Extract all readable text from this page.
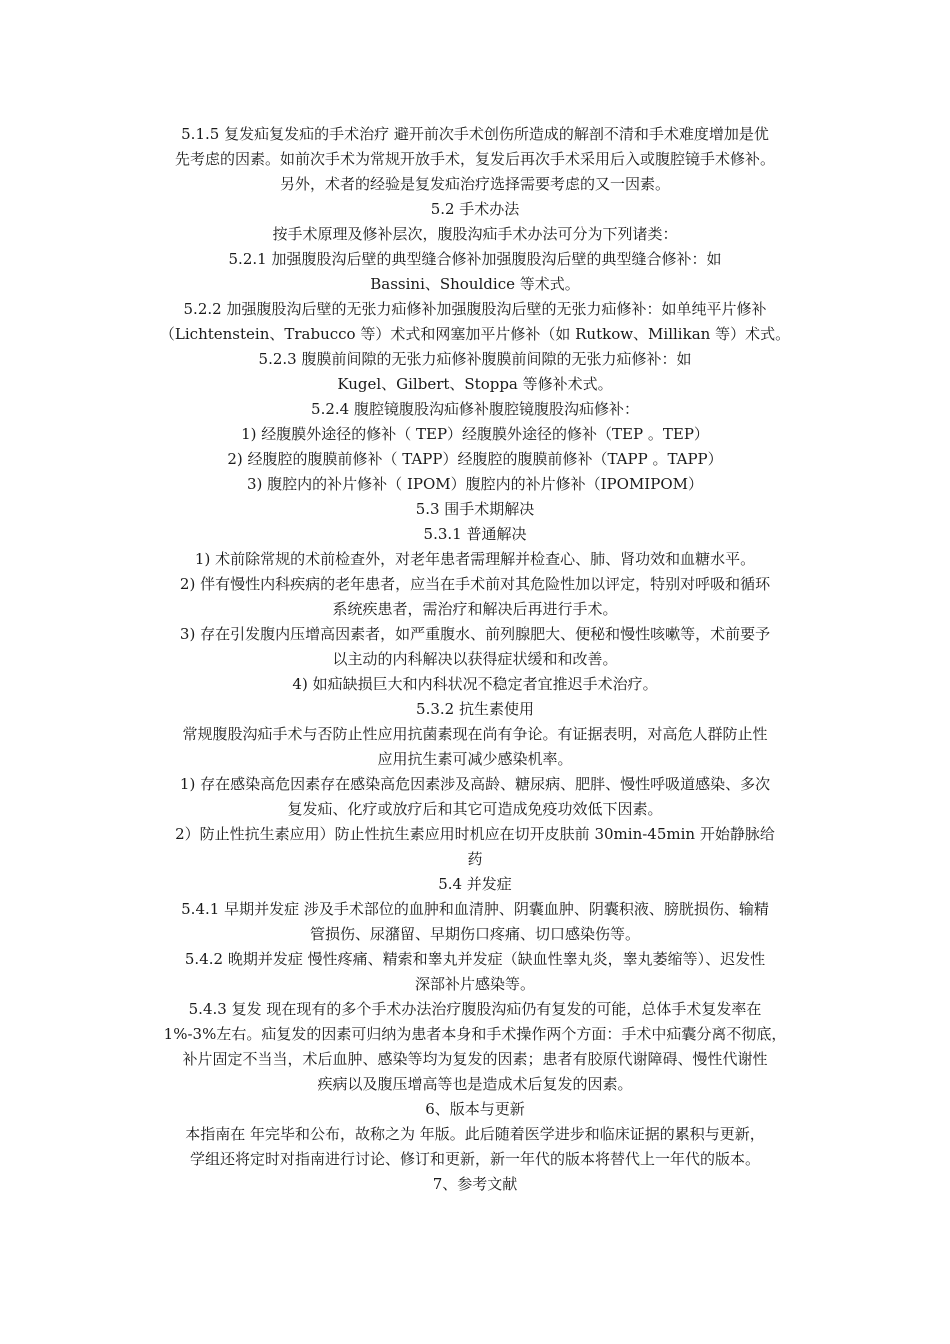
5.1.5 复发疝复发疝的手术治疗 避开前次手术创伤所造成的解剖不清和手术难度增加是优
先考虑的因素。如前次手术为常规开放手术，复发后再次手术采用后入或腹腔镜手术修补。
另外，术者的经验是复发疝治疗选择需要考虑的又一因素。
5.2 手术办法
按手术原理及修补层次，腹股沟疝手术办法可分为下列诸类：
5.2.1 加强腹股沟后壁的典型缝合修补加强腹股沟后壁的典型缝合修补：如
Bassini、Shouldice 等术式。
5.2.2 加强腹股沟后壁的无张力疝修补加强腹股沟后壁的无张力疝修补：如单纯平片修补
（Lichtenstein、Trabucco 等）术式和网塞加平片修补（如 Rutkow、Millikan 等）术式。
5.2.3 腹膜前间隙的无张力疝修补腹膜前间隙的无张力疝修补：如
Kugel、Gilbert、Stoppa 等修补术式。
5.2.4 腹腔镜腹股沟疝修补腹腔镜腹股沟疝修补：
1) 经腹膜外途径的修补（ TEP）经腹膜外途径的修补（TEP 。TEP）
2) 经腹腔的腹膜前修补（ TAPP）经腹腔的腹膜前修补（TAPP 。TAPP）
3) 腹腔内的补片修补（ IPOM）腹腔内的补片修补（IPOMIPOM）
5.3 围手术期解决
5.3.1 普通解决
1) 术前除常规的术前检查外，对老年患者需理解并检查心、肺、肾功效和血糖水平。
2) 伴有慢性内科疾病的老年患者，应当在手术前对其危险性加以评定，特别对呼吸和循环
系统疾患者，需治疗和解决后再进行手术。
3) 存在引发腹内压增高因素者，如严重腹水、前列腺肥大、便秘和慢性咳嗽等，术前要予
以主动的内科解决以获得症状缓和和改善。
4) 如疝缺损巨大和内科状况不稳定者宜推迟手术治疗。
5.3.2 抗生素使用
常规腹股沟疝手术与否防止性应用抗菌素现在尚有争论。有证据表明，对高危人群防止性
应用抗生素可减少感染机率。
1) 存在感染高危因素存在感染高危因素涉及高龄、糖尿病、肥胖、慢性呼吸道感染、多次
复发疝、化疗或放疗后和其它可造成免疫功效低下因素。
2）防止性抗生素应用）防止性抗生素应用时机应在切开皮肤前 30min-45min 开始静脉给
药
5.4 并发症
5.4.1 早期并发症 涉及手术部位的血肿和血清肿、阴囊血肿、阴囊积液、膀胱损伤、输精
管损伤、尿潴留、早期伤口疼痛、切口感染伤等。
5.4.2 晚期并发症 慢性疼痛、精索和睾丸并发症（缺血性睾丸炎，睾丸萎缩等）、迟发性
深部补片感染等。
5.4.3 复发 现在现有的多个手术办法治疗腹股沟疝仍有复发的可能，总体手术复发率在
1%-3%左右。疝复发的因素可归纳为患者本身和手术操作两个方面：手术中疝囊分离不彻底，
补片固定不当当，术后血肿、感染等均为复发的因素；患者有胶原代谢障碍、慢性代谢性
疾病以及腹压增高等也是造成术后复发的因素。
6、版本与更新
本指南在 年完毕和公布，故称之为 年版。此后随着医学进步和临床证据的累积与更新，
学组还将定时对指南进行讨论、修订和更新，新一年代的版本将替代上一年代的版本。
7、参考文献
